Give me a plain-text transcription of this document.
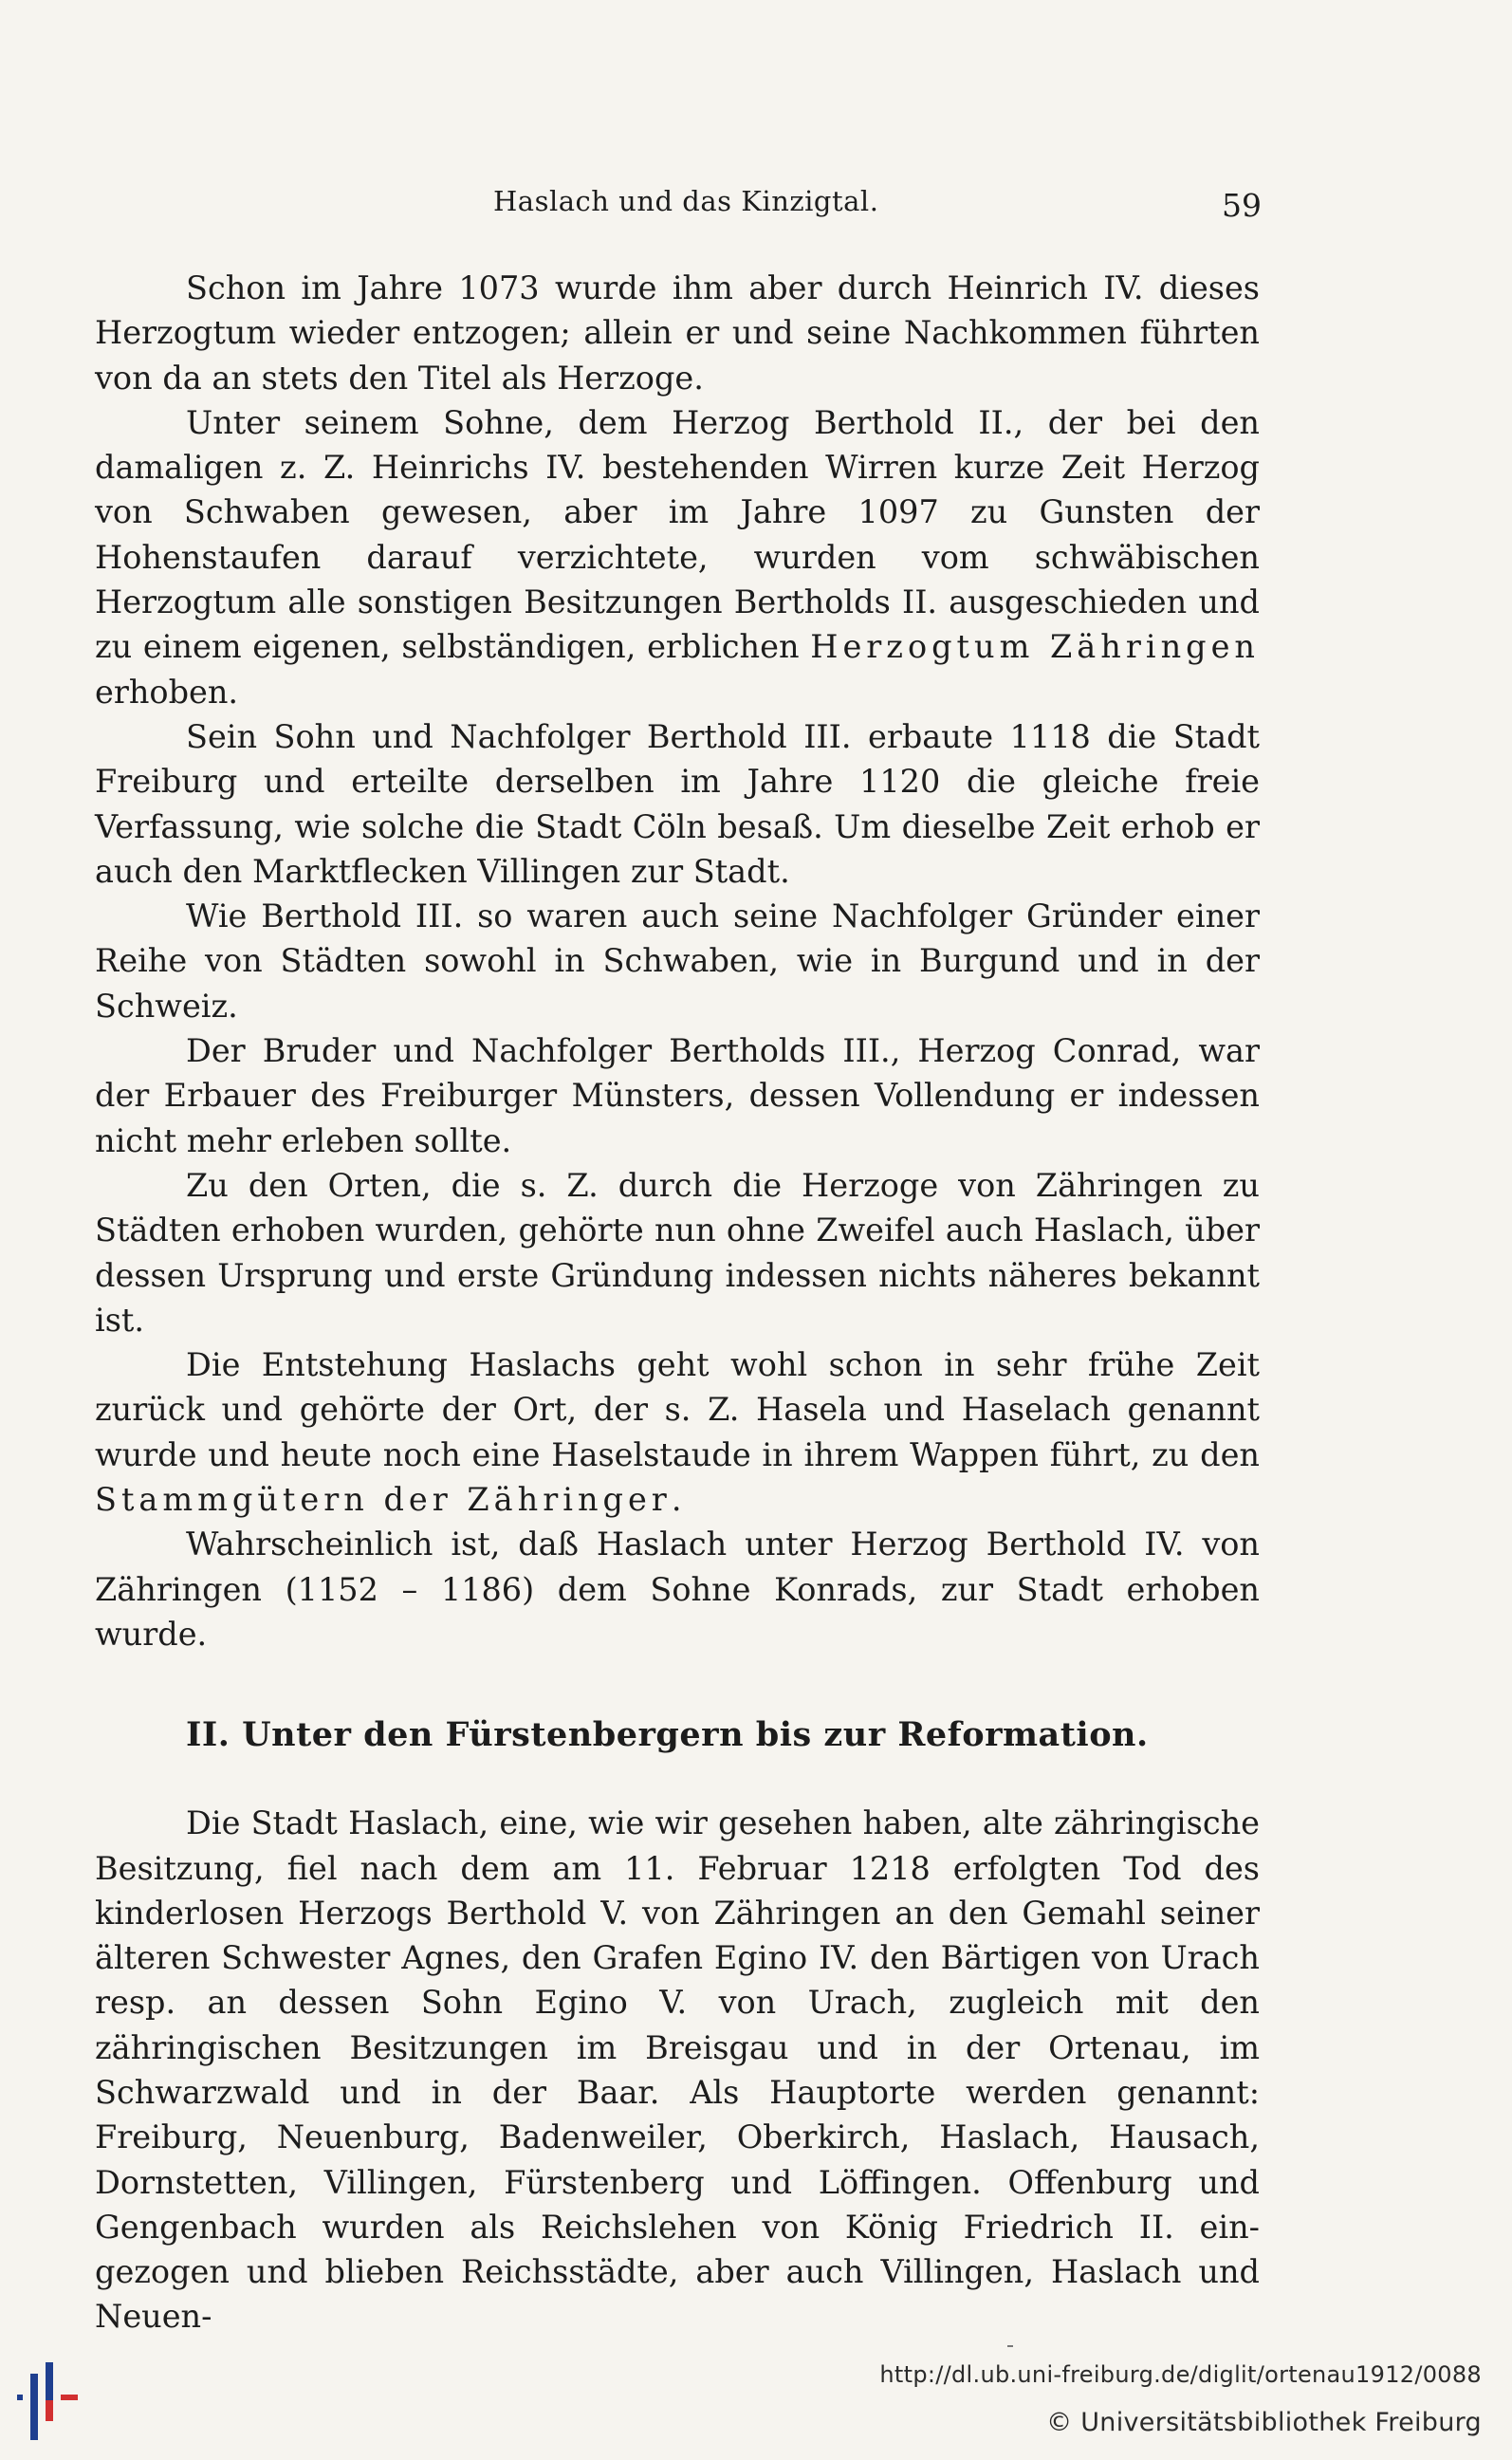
Haslach und das Kinzigtal.	59

Schon im Jahre 1073 wurde ihm aber durch Heinrich IV. dieses Herzogtum wieder entzogen; allein er und seine Nachkommen führten von da an stets den Titel als Herzoge.

Unter seinem Sohne, dem Herzog Berthold II., der bei den damaligen z. Z. Heinrichs IV. bestehenden Wirren kurze Zeit Herzog von Schwaben gewesen, aber im Jahre 1097 zu Gunsten der Hohenstaufen darauf verzichtete, wurden vom schwäbischen Herzogtum alle sonstigen Besitzungen Bertholds II. ausgeschieden und zu einem eigenen, selbständigen, erblichen Herzogtum Zähringen erhoben.

Sein Sohn und Nachfolger Berthold III. erbaute 1118 die Stadt Freiburg und erteilte derselben im Jahre 1120 die gleiche freie Verfassung, wie solche die Stadt Cöln besaß. Um dieselbe Zeit erhob er auch den Marktflecken Villingen zur Stadt.

Wie Berthold III. so waren auch seine Nachfolger Gründer einer Reihe von Städten sowohl in Schwaben, wie in Burgund und in der Schweiz.

Der Bruder und Nachfolger Bertholds III., Herzog Conrad, war der Erbauer des Freiburger Münsters, dessen Vollendung er indessen nicht mehr erleben sollte.

Zu den Orten, die s. Z. durch die Herzoge von Zähringen zu Städten erhoben wurden, gehörte nun ohne Zweifel auch Haslach, über dessen Ursprung und erste Gründung indessen nichts näheres bekannt ist.

Die Entstehung Haslachs geht wohl schon in sehr frühe Zeit zurück und gehörte der Ort, der s. Z. Hasela und Haselach genannt wurde und heute noch eine Haselstaude in ihrem Wappen führt, zu den Stammgütern der Zähringer.

Wahrscheinlich ist, daß Haslach unter Herzog Berthold IV. von Zähringen (1152 – 1186) dem Sohne Konrads, zur Stadt erhoben wurde.

II. Unter den Fürstenbergern bis zur Reformation.

Die Stadt Haslach, eine, wie wir gesehen haben, alte zähringische Besitzung, fiel nach dem am 11. Februar 1218 erfolgten Tod des kinderlosen Herzogs Berthold V. von Zähringen an den Gemahl seiner älteren Schwester Agnes, den Grafen Egino IV. den Bärtigen von Urach resp. an dessen Sohn Egino V. von Urach, zugleich mit den zähringischen Besitzungen im Breisgau und in der Ortenau, im Schwarzwald und in der Baar. Als Hauptorte werden genannt: Freiburg, Neuenburg, Badenweiler, Oberkirch, Haslach, Hausach, Dornstetten, Villingen, Fürstenberg und Löffingen. Offenburg und Gengenbach wurden als Reichslehen von König Friedrich II. eingezogen und blieben Reichsstädte, aber auch Villingen, Haslach und Neuen-

http://dl.ub.uni-freiburg.de/diglit/ortenau1912/0088
© Universitätsbibliothek Freiburg
